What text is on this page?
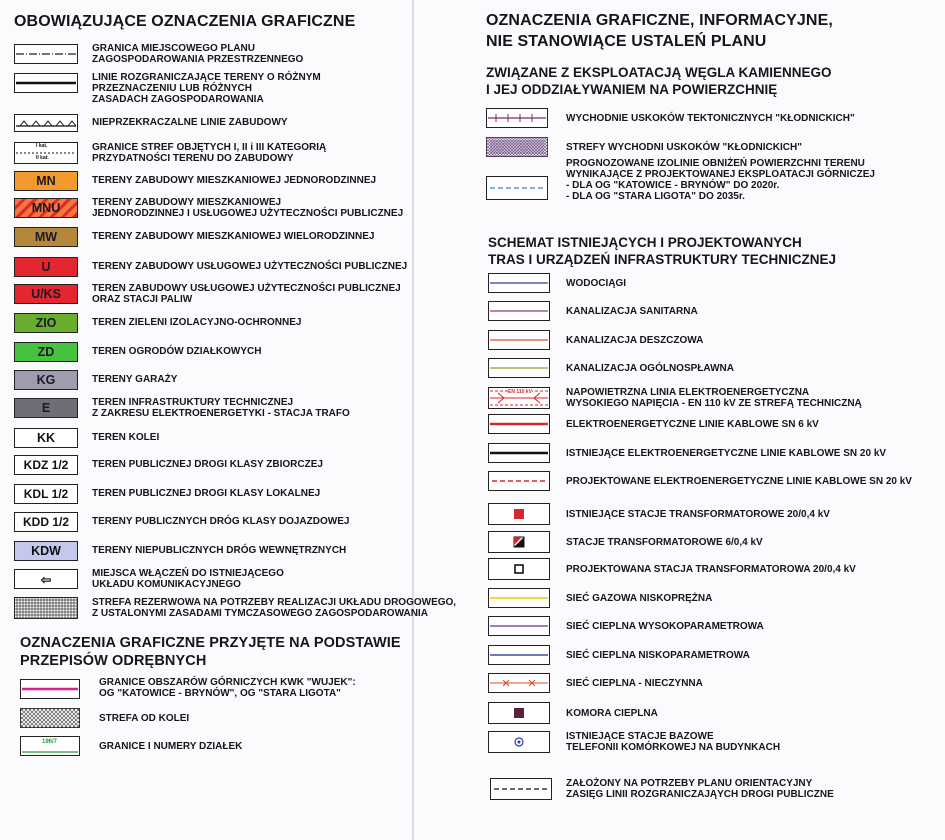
OBOWIĄZUJĄCE OZNACZENIA GRAFICZNE
GRANICA MIEJSCOWEGO PLANU
ZAGOSPODAROWANIA PRZESTRZENNEGO
LINIE ROZGRANICZAJĄCE TERENY O RÓŻNYM
PRZEZNACZENIU LUB RÓŻNYCH
ZASADACH ZAGOSPODAROWANIA
NIEPRZEKRACZALNE LINIE ZABUDOWY
I kat.
II kat.
GRANICE STREF OBJĘTYCH I, II i III KATEGORIĄ
PRZYDATNOŚCI TERENU DO ZABUDOWY
MN	TERENY ZABUDOWY MIESZKANIOWEJ JEDNORODZINNEJ
MNU	TERENY ZABUDOWY MIESZKANIOWEJ
JEDNORODZINNEJ I USŁUGOWEJ UŻYTECZNOŚCI PUBLICZNEJ
MW	TERENY ZABUDOWY MIESZKANIOWEJ WIELORODZINNEJ
U	TERENY ZABUDOWY USŁUGOWEJ UŻYTECZNOŚCI PUBLICZNEJ
U/KS	TEREN ZABUDOWY USŁUGOWEJ UŻYTECZNOŚCI PUBLICZNEJ
ORAZ STACJI PALIW
ZIO	TEREN ZIELENI IZOLACYJNO-OCHRONNEJ
ZD	TEREN OGRODÓW DZIAŁKOWYCH
KG	TERENY GARAŻY
E	TEREN INFRASTRUKTURY TECHNICZNEJ
Z ZAKRESU ELEKTROENERGETYKI - STACJA TRAFO
KK	TEREN KOLEI
KDZ 1/2 TEREN PUBLICZNEJ DROGI KLASY ZBIORCZEJ
KDL 1/2 TEREN PUBLICZNEJ DROGI KLASY LOKALNEJ
KDD 1/2 TERENY PUBLICZNYCH DRÓG KLASY DOJAZDOWEJ
KDW	TERENY NIEPUBLICZNYCH DRÓG WEWNĘTRZNYCH
⇦	MIEJSCA WŁĄCZEŃ DO ISTNIEJĄCEGO
UKŁADU KOMUNIKACYJNEGO
STREFA REZERWOWA NA POTRZEBY REALIZACJI UKŁADU DROGOWEGO,
Z USTALONYMI ZASADAMI TYMCZASOWEGO ZAGOSPODAROWANIA
OZNACZENIA GRAFICZNE PRZYJĘTE NA PODSTAWIE
PRZEPISÓW ODRĘBNYCH
GRANICE OBSZARÓW GÓRNICZYCH KWK "WUJEK":
OG "KATOWICE - BRYNÓW", OG "STARA LIGOTA"
STREFA OD KOLEI
196/7	GRANICE I NUMERY DZIAŁEK
OZNACZENIA GRAFICZNE, INFORMACYJNE,
NIE STANOWIĄCE USTALEŃ PLANU
ZWIĄZANE Z EKSPLOATACJĄ WĘGLA KAMIENNEGO
I JEJ ODDZIAŁYWANIEM NA POWIERZCHNIĘ
WYCHODNIE USKOKÓW TEKTONICZNYCH "KŁODNICKICH"
STREFY WYCHODNI USKOKÓW "KŁODNICKICH"
PROGNOZOWANE IZOLINIE OBNIŻEŃ POWIERZCHNI TERENU
WYNIKAJĄCE Z PROJEKTOWANEJ EKSPLOATACJI GÓRNICZEJ
- DLA OG "KATOWICE - BRYNÓW" DO 2020r.
- DLA OG "STARA LIGOTA" DO 2035r.
SCHEMAT ISTNIEJĄCYCH I PROJEKTOWANYCH
TRAS I URZĄDZEŃ INFRASTRUKTURY TECHNICZNEJ
WODOCIĄGI
KANALIZACJA SANITARNA
KANALIZACJA DESZCZOWA
KANALIZACJA OGÓLNOSPŁAWNA
EN 110 kV	NAPOWIETRZNA LINIA ELEKTROENERGETYCZNA
WYSOKIEGO NAPIĘCIA - EN 110 kV ZE STREFĄ TECHNICZNĄ
ELEKTROENERGETYCZNE LINIE KABLOWE SN 6 kV
ISTNIEJĄCE ELEKTROENERGETYCZNE LINIE KABLOWE SN 20 kV
PROJEKTOWANE ELEKTROENERGETYCZNE LINIE KABLOWE SN 20 kV
ISTNIEJĄCE STACJE TRANSFORMATOROWE 20/0,4 kV
STACJE TRANSFORMATOROWE 6/0,4 kV
PROJEKTOWANA STACJA TRANSFORMATOROWA 20/0,4 kV
SIEĆ GAZOWA NISKOPRĘŻNA
SIEĆ CIEPLNA WYSOKOPARAMETROWA
SIEĆ CIEPLNA NISKOPARAMETROWA
SIEĆ CIEPLNA - NIECZYNNA
KOMORA CIEPLNA
ISTNIEJĄCE STACJE BAZOWE
TELEFONII KOMÓRKOWEJ NA BUDYNKACH
ZAŁOŻONY NA POTRZEBY PLANU ORIENTACYJNY
ZASIĘG LINII ROZGRANICZAJĄYCH DROGI PUBLICZNE
